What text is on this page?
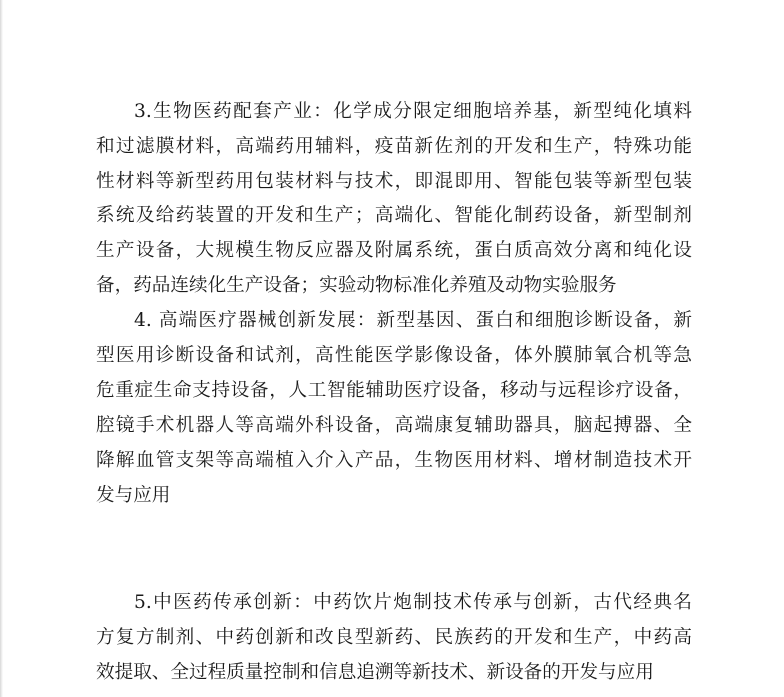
3.生物医药配套产业：化学成分限定细胞培养基，新型纯化填料
和过滤膜材料，高端药用辅料，疫苗新佐剂的开发和生产，特殊功能
性材料等新型药用包装材料与技术，即混即用、智能包装等新型包装
系统及给药装置的开发和生产；高端化、智能化制药设备，新型制剂
生产设备，大规模生物反应器及附属系统，蛋白质高效分离和纯化设
备，药品连续化生产设备；实验动物标准化养殖及动物实验服务
4. 高端医疗器械创新发展：新型基因、蛋白和细胞诊断设备，新
型医用诊断设备和试剂，高性能医学影像设备，体外膜肺氧合机等急
危重症生命支持设备，人工智能辅助医疗设备，移动与远程诊疗设备，
腔镜手术机器人等高端外科设备，高端康复辅助器具，脑起搏器、全
降解血管支架等高端植入介入产品，生物医用材料、增材制造技术开
发与应用
5.中医药传承创新：中药饮片炮制技术传承与创新，古代经典名
方复方制剂、中药创新和改良型新药、民族药的开发和生产，中药高
效提取、全过程质量控制和信息追溯等新技术、新设备的开发与应用
